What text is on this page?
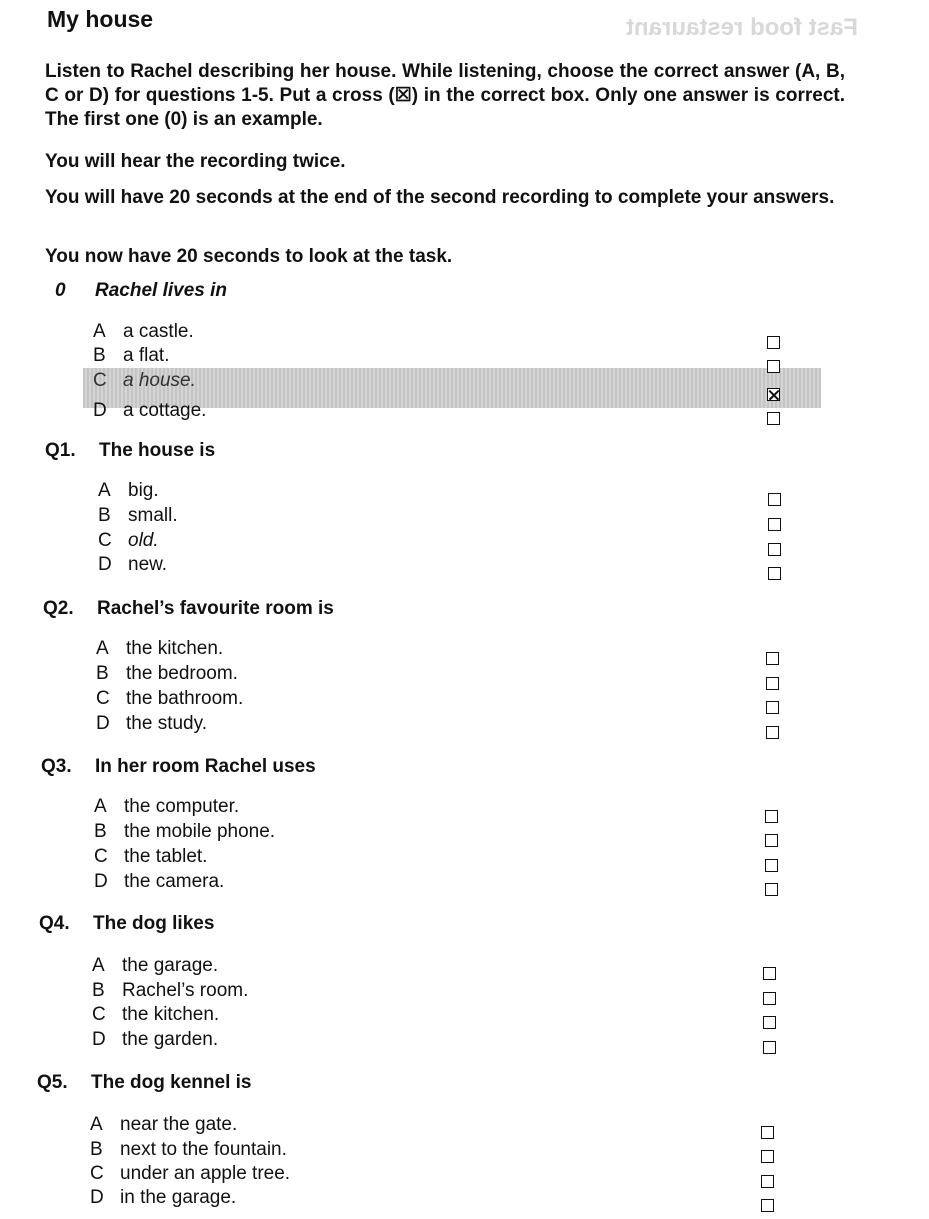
Fast food restaurant
My house
Listen to Rachel describing her house. While listening, choose the correct answer (A, B, C or D) for questions 1-5. Put a cross (☒) in the correct box. Only one answer is correct. The first one (0) is an example.
You will hear the recording twice.
You will have 20 seconds at the end of the second recording to complete your answers.
You now have 20 seconds to look at the task.
0 Rachel lives in
A a castle.
B a flat.
C a house.
D a cottage.
Q1. The house is
A big.
B small.
C old.
D new.
Q2. Rachel’s favourite room is
A the kitchen.
B the bedroom.
C the bathroom.
D the study.
Q3. In her room Rachel uses
A the computer.
B the mobile phone.
C the tablet.
D the camera.
Q4. The dog likes
A the garage.
B Rachel’s room.
C the kitchen.
D the garden.
Q5. The dog kennel is
A near the gate.
B next to the fountain.
C under an apple tree.
D in the garage.
